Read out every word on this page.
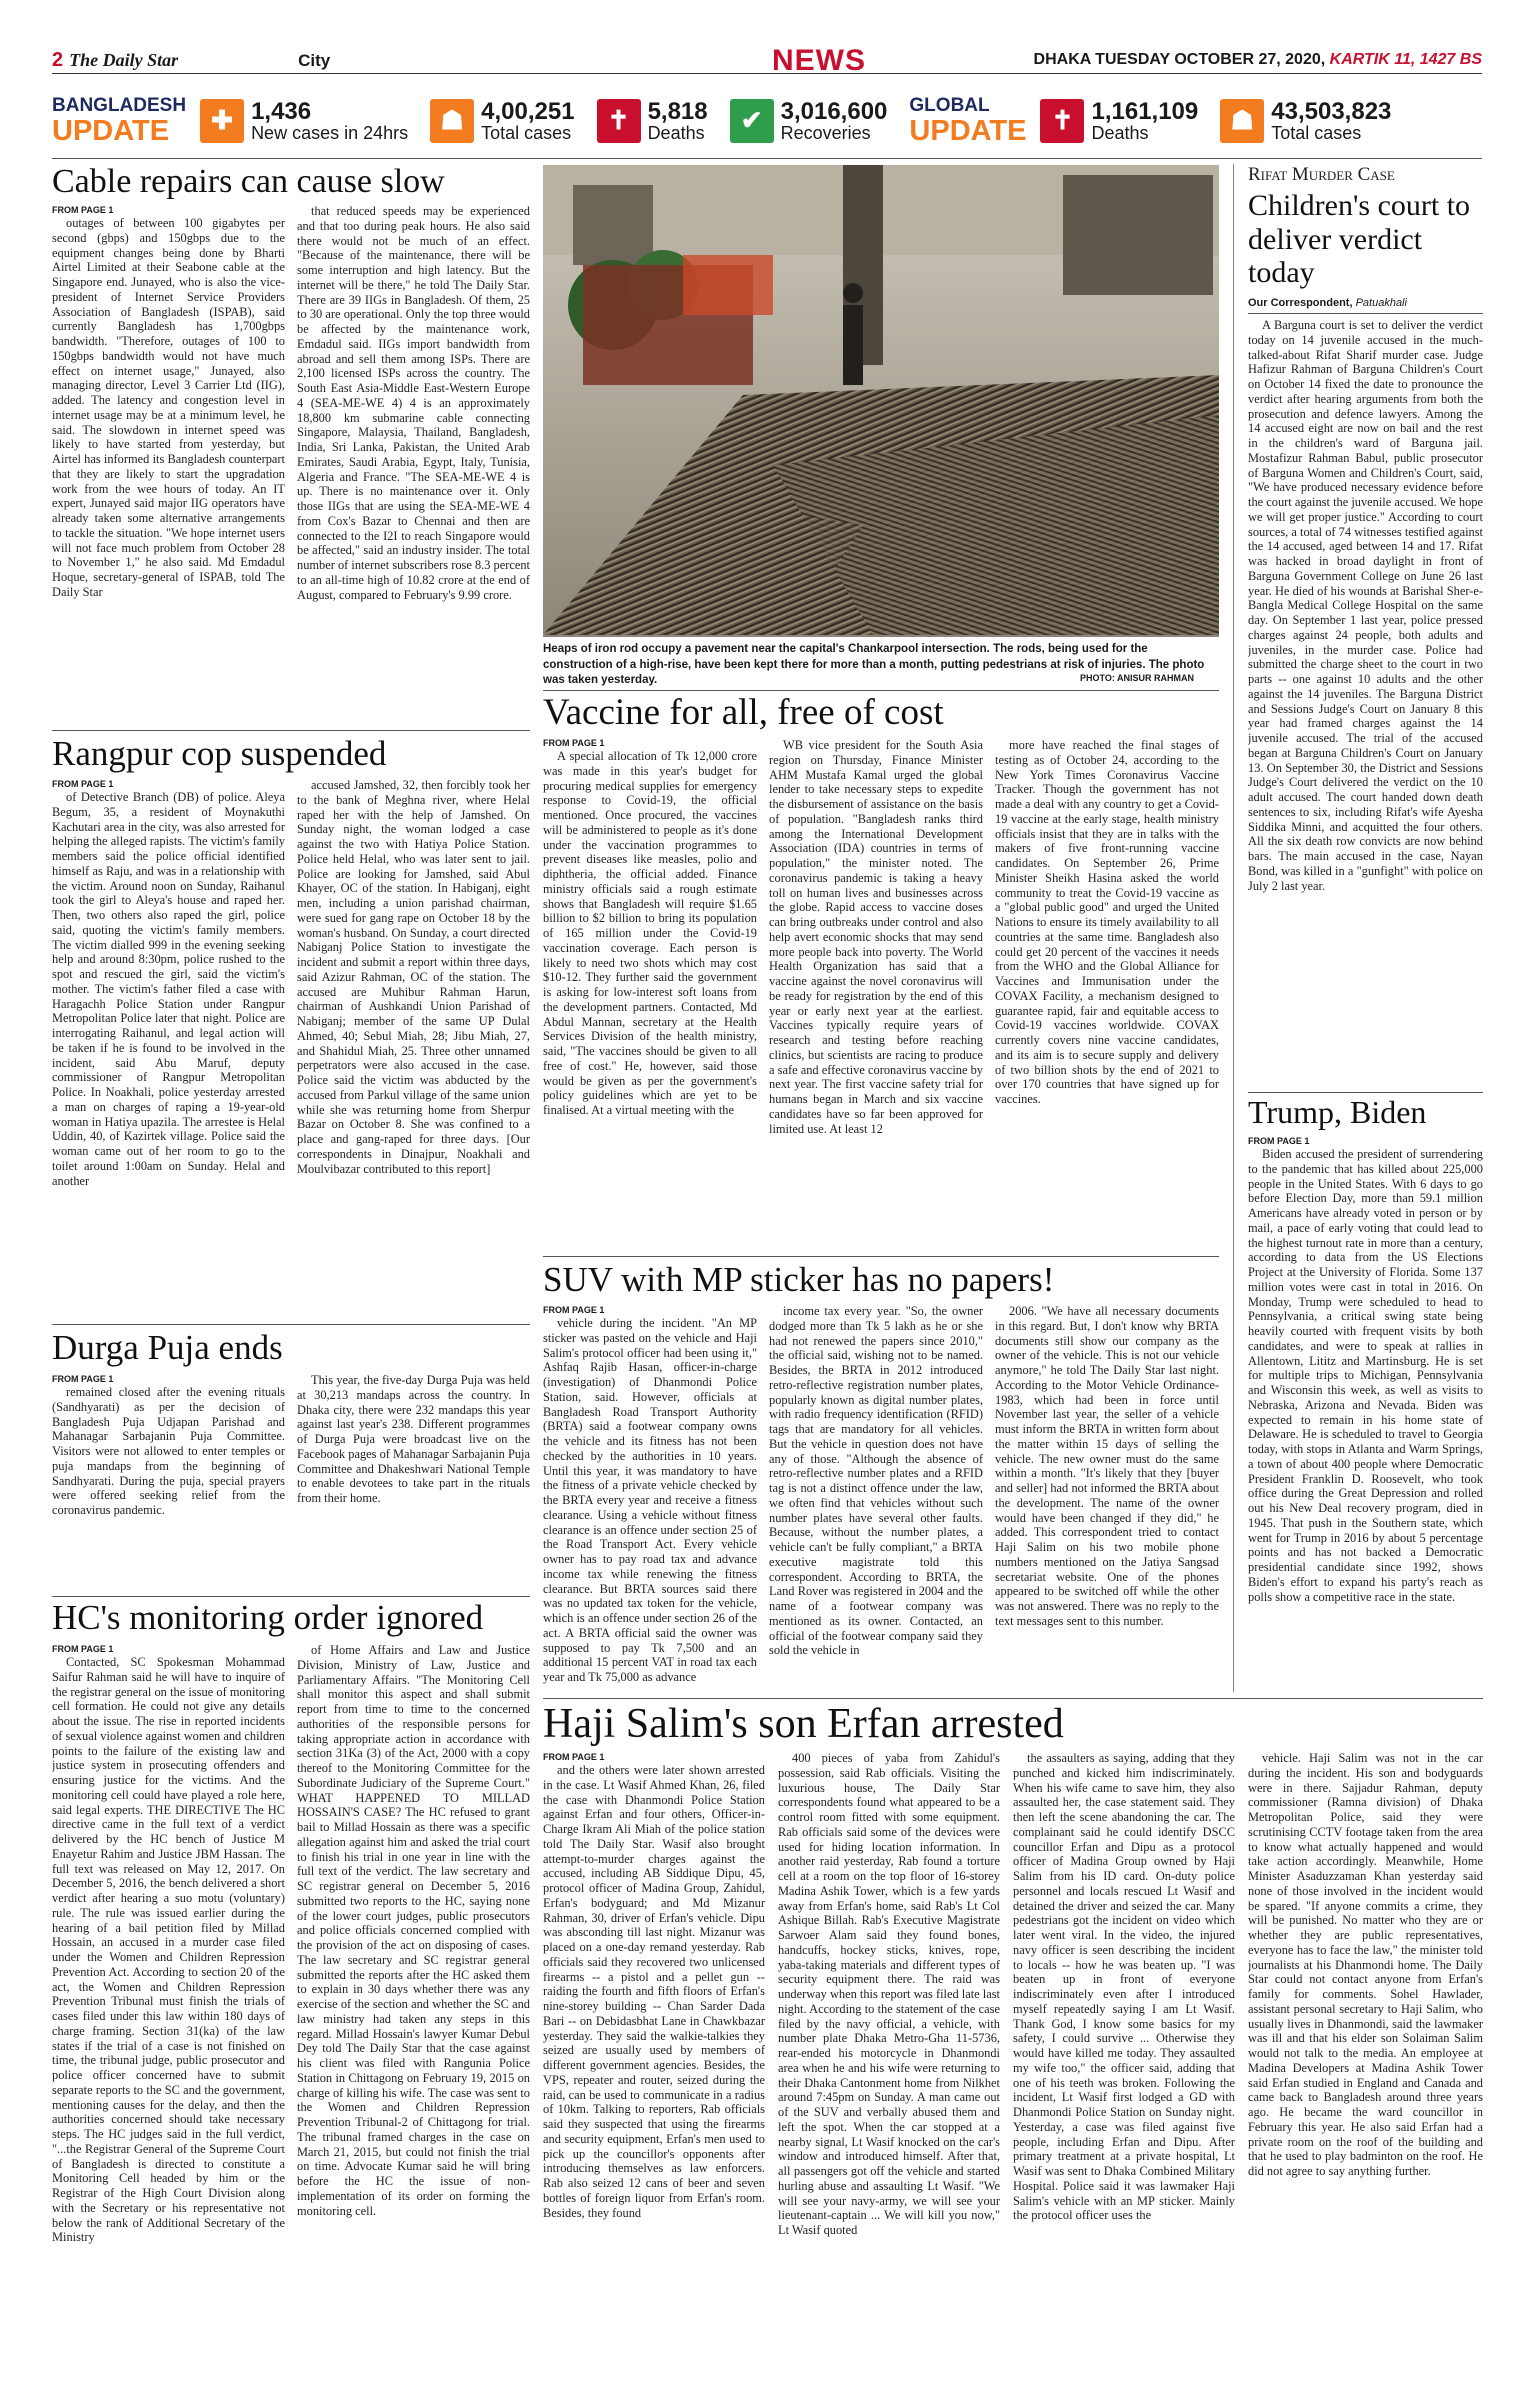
2 The Daily Star	City	NEWS	DHAKA TUESDAY OCTOBER 27, 2020, KARTIK 11, 1427 BS
BANGLADESH
UPDATE	✚ 1,436
New cases in 24hrs	☗ 4,00,251
Total cases	✝ 5,818
Deaths	✔ 3,016,600
Recoveries
GLOBAL
UPDATE ✝ 1,161,109
Deaths	☗ 43,503,823
Total cases
Cable repairs can cause slow
FROM PAGE 1

outages of between 100 gigabytes per second (gbps) and 150gbps due to the equipment changes being done by Bharti Airtel Limited at their Seabone cable at the Singapore end. Junayed, who is also the vice-president of Internet Service Providers Association of Bangladesh (ISPAB), said currently Bangladesh has 1,700gbps bandwidth. "Therefore, outages of 100 to 150gbps bandwidth would not have much effect on internet usage," Junayed, also managing director, Level 3 Carrier Ltd (IIG), added. The latency and congestion level in internet usage may be at a minimum level, he said. The slowdown in internet speed was likely to have started from yesterday, but Airtel has informed its Bangladesh counterpart that they are likely to start the upgradation work from the wee hours of today. An IT expert, Junayed said major IIG operators have already taken some alternative arrangements to tackle the situation. "We hope internet users will not face much problem from October 28 to November 1," he also said. Md Emdadul Hoque, secretary-general of ISPAB, told The Daily Star

that reduced speeds may be experienced and that too during peak hours. He also said there would not be much of an effect. "Because of the maintenance, there will be some interruption and high latency. But the internet will be there," he told The Daily Star. There are 39 IIGs in Bangladesh. Of them, 25 to 30 are operational. Only the top three would be affected by the maintenance work, Emdadul said. IIGs import bandwidth from abroad and sell them among ISPs. There are 2,100 licensed ISPs across the country. The South East Asia-Middle East-Western Europe 4 (SEA-ME-WE 4) 4 is an approximately 18,800 km submarine cable connecting Singapore, Malaysia, Thailand, Bangladesh, India, Sri Lanka, Pakistan, the United Arab Emirates, Saudi Arabia, Egypt, Italy, Tunisia, Algeria and France. "The SEA-ME-WE 4 is up. There is no maintenance over it. Only those IIGs that are using the SEA-ME-WE 4 from Cox's Bazar to Chennai and then are connected to the I2I to reach Singapore would be affected," said an industry insider. The total number of internet subscribers rose 8.3 percent to an all-time high of 10.82 crore at the end of August, compared to February's 9.99 crore.

Heaps of iron rod occupy a pavement near the capital's Chankarpool intersection. The rods, being used for the construction of a high-rise, have been kept there for more than a month, putting pedestrians at risk of injuries. The photo was taken yesterday.	PHOTO: ANISUR RAHMAN
Vaccine for all, free of cost
FROM PAGE 1

A special allocation of Tk 12,000 crore was made in this year's budget for procuring medical supplies for emergency response to Covid-19, the official mentioned. Once procured, the vaccines will be administered to people as it's done under the vaccination programmes to prevent diseases like measles, polio and diphtheria, the official added. Finance ministry officials said a rough estimate shows that Bangladesh will require $1.65 billion to $2 billion to bring its population of 165 million under the Covid-19 vaccination coverage. Each person is likely to need two shots which may cost $10-12. They further said the government is asking for low-interest soft loans from the development partners. Contacted, Md Abdul Mannan, secretary at the Health Services Division of the health ministry, said, "The vaccines should be given to all free of cost." He, however, said those would be given as per the government's policy guidelines which are yet to be finalised. At a virtual meeting with the

WB vice president for the South Asia region on Thursday, Finance Minister AHM Mustafa Kamal urged the global lender to take necessary steps to expedite the disbursement of assistance on the basis of population. "Bangladesh ranks third among the International Development Association (IDA) countries in terms of population," the minister noted. The coronavirus pandemic is taking a heavy toll on human lives and businesses across the globe. Rapid access to vaccine doses can bring outbreaks under control and also help avert economic shocks that may send more people back into poverty. The World Health Organization has said that a vaccine against the novel coronavirus will be ready for registration by the end of this year or early next year at the earliest. Vaccines typically require years of research and testing before reaching clinics, but scientists are racing to produce a safe and effective coronavirus vaccine by next year. The first vaccine safety trial for humans began in March and six vaccine candidates have so far been approved for limited use. At least 12

more have reached the final stages of testing as of October 24, according to the New York Times Coronavirus Vaccine Tracker. Though the government has not made a deal with any country to get a Covid-19 vaccine at the early stage, health ministry officials insist that they are in talks with the makers of five front-running vaccine candidates. On September 26, Prime Minister Sheikh Hasina asked the world community to treat the Covid-19 vaccine as a "global public good" and urged the United Nations to ensure its timely availability to all countries at the same time. Bangladesh also could get 20 percent of the vaccines it needs from the WHO and the Global Alliance for Vaccines and Immunisation under the COVAX Facility, a mechanism designed to guarantee rapid, fair and equitable access to Covid-19 vaccines worldwide. COVAX currently covers nine vaccine candidates, and its aim is to secure supply and delivery of two billion shots by the end of 2021 to over 170 countries that have signed up for vaccines.

Rangpur cop suspended
FROM PAGE 1

of Detective Branch (DB) of police. Aleya Begum, 35, a resident of Moynakuthi Kachutari area in the city, was also arrested for helping the alleged rapists. The victim's family members said the police official identified himself as Raju, and was in a relationship with the victim. Around noon on Sunday, Raihanul took the girl to Aleya's house and raped her. Then, two others also raped the girl, police said, quoting the victim's family members. The victim dialled 999 in the evening seeking help and around 8:30pm, police rushed to the spot and rescued the girl, said the victim's mother. The victim's father filed a case with Haragachh Police Station under Rangpur Metropolitan Police later that night. Police are interrogating Raihanul, and legal action will be taken if he is found to be involved in the incident, said Abu Maruf, deputy commissioner of Rangpur Metropolitan Police. In Noakhali, police yesterday arrested a man on charges of raping a 19-year-old woman in Hatiya upazila. The arrestee is Helal Uddin, 40, of Kazirtek village. Police said the woman came out of her room to go to the toilet around 1:00am on Sunday. Helal and another

accused Jamshed, 32, then forcibly took her to the bank of Meghna river, where Helal raped her with the help of Jamshed. On Sunday night, the woman lodged a case against the two with Hatiya Police Station. Police held Helal, who was later sent to jail. Police are looking for Jamshed, said Abul Khayer, OC of the station. In Habiganj, eight men, including a union parishad chairman, were sued for gang rape on October 18 by the woman's husband. On Sunday, a court directed Nabiganj Police Station to investigate the incident and submit a report within three days, said Azizur Rahman, OC of the station. The accused are Muhibur Rahman Harun, chairman of Aushkandi Union Parishad of Nabiganj; member of the same UP Dulal Ahmed, 40; Sebul Miah, 28; Jibu Miah, 27, and Shahidul Miah, 25. Three other unnamed perpetrators were also accused in the case. Police said the victim was abducted by the accused from Parkul village of the same union while she was returning home from Sherpur Bazar on October 8. She was confined to a place and gang-raped for three days. [Our correspondents in Dinajpur, Noakhali and Moulvibazar contributed to this report]

Durga Puja ends
FROM PAGE 1

remained closed after the evening rituals (Sandhyarati) as per the decision of Bangladesh Puja Udjapan Parishad and Mahanagar Sarbajanin Puja Committee. Visitors were not allowed to enter temples or puja mandaps from the beginning of Sandhyarati. During the puja, special prayers were offered seeking relief from the coronavirus pandemic.

This year, the five-day Durga Puja was held at 30,213 mandaps across the country. In Dhaka city, there were 232 mandaps this year against last year's 238. Different programmes of Durga Puja were broadcast live on the Facebook pages of Mahanagar Sarbajanin Puja Committee and Dhakeshwari National Temple to enable devotees to take part in the rituals from their home.

HC's monitoring order ignored
FROM PAGE 1

Contacted, SC Spokesman Mohammad Saifur Rahman said he will have to inquire of the registrar general on the issue of monitoring cell formation. He could not give any details about the issue. The rise in reported incidents of sexual violence against women and children points to the failure of the existing law and justice system in prosecuting offenders and ensuring justice for the victims. And the monitoring cell could have played a role here, said legal experts. THE DIRECTIVE The HC directive came in the full text of a verdict delivered by the HC bench of Justice M Enayetur Rahim and Justice JBM Hassan. The full text was released on May 12, 2017. On December 5, 2016, the bench delivered a short verdict after hearing a suo motu (voluntary) rule. The rule was issued earlier during the hearing of a bail petition filed by Millad Hossain, an accused in a murder case filed under the Women and Children Repression Prevention Act. According to section 20 of the act, the Women and Children Repression Prevention Tribunal must finish the trials of cases filed under this law within 180 days of charge framing. Section 31(ka) of the law states if the trial of a case is not finished on time, the tribunal judge, public prosecutor and police officer concerned have to submit separate reports to the SC and the government, mentioning causes for the delay, and then the authorities concerned should take necessary steps. The HC judges said in the full verdict, "...the Registrar General of the Supreme Court of Bangladesh is directed to constitute a Monitoring Cell headed by him or the Registrar of the High Court Division along with the Secretary or his representative not below the rank of Additional Secretary of the Ministry

of Home Affairs and Law and Justice Division, Ministry of Law, Justice and Parliamentary Affairs. "The Monitoring Cell shall monitor this aspect and shall submit report from time to time to the concerned authorities of the responsible persons for taking appropriate action in accordance with section 31Ka (3) of the Act, 2000 with a copy thereof to the Monitoring Committee for the Subordinate Judiciary of the Supreme Court." WHAT HAPPENED TO MILLAD HOSSAIN'S CASE? The HC refused to grant bail to Millad Hossain as there was a specific allegation against him and asked the trial court to finish his trial in one year in line with the full text of the verdict. The law secretary and SC registrar general on December 5, 2016 submitted two reports to the HC, saying none of the lower court judges, public prosecutors and police officials concerned complied with the provision of the act on disposing of cases. The law secretary and SC registrar general submitted the reports after the HC asked them to explain in 30 days whether there was any exercise of the section and whether the SC and law ministry had taken any steps in this regard. Millad Hossain's lawyer Kumar Debul Dey told The Daily Star that the case against his client was filed with Rangunia Police Station in Chittagong on February 19, 2015 on charge of killing his wife. The case was sent to the Women and Children Repression Prevention Tribunal-2 of Chittagong for trial. The tribunal framed charges in the case on March 21, 2015, but could not finish the trial on time. Advocate Kumar said he will bring before the HC the issue of non-implementation of its order on forming the monitoring cell.

SUV with MP sticker has no papers!
FROM PAGE 1

vehicle during the incident. "An MP sticker was pasted on the vehicle and Haji Salim's protocol officer had been using it," Ashfaq Rajib Hasan, officer-in-charge (investigation) of Dhanmondi Police Station, said. However, officials at Bangladesh Road Transport Authority (BRTA) said a footwear company owns the vehicle and its fitness has not been checked by the authorities in 10 years. Until this year, it was mandatory to have the fitness of a private vehicle checked by the BRTA every year and receive a fitness clearance. Using a vehicle without fitness clearance is an offence under section 25 of the Road Transport Act. Every vehicle owner has to pay road tax and advance income tax while renewing the fitness clearance. But BRTA sources said there was no updated tax token for the vehicle, which is an offence under section 26 of the act. A BRTA official said the owner was supposed to pay Tk 7,500 and an additional 15 percent VAT in road tax each year and Tk 75,000 as advance

income tax every year. "So, the owner dodged more than Tk 5 lakh as he or she had not renewed the papers since 2010," the official said, wishing not to be named. Besides, the BRTA in 2012 introduced retro-reflective registration number plates, popularly known as digital number plates, with radio frequency identification (RFID) tags that are mandatory for all vehicles. But the vehicle in question does not have any of those. "Although the absence of retro-reflective number plates and a RFID tag is not a distinct offence under the law, we often find that vehicles without such number plates have several other faults. Because, without the number plates, a vehicle can't be fully compliant," a BRTA executive magistrate told this correspondent. According to BRTA, the Land Rover was registered in 2004 and the name of a footwear company was mentioned as its owner. Contacted, an official of the footwear company said they sold the vehicle in

2006. "We have all necessary documents in this regard. But, I don't know why BRTA documents still show our company as the owner of the vehicle. This is not our vehicle anymore," he told The Daily Star last night. According to the Motor Vehicle Ordinance-1983, which had been in force until November last year, the seller of a vehicle must inform the BRTA in written form about the matter within 15 days of selling the vehicle. The new owner must do the same within a month. "It's likely that they [buyer and seller] had not informed the BRTA about the development. The name of the owner would have been changed if they did," he added. This correspondent tried to contact Haji Salim on his two mobile phone numbers mentioned on the Jatiya Sangsad secretariat website. One of the phones appeared to be switched off while the other was not answered. There was no reply to the text messages sent to this number.

Haji Salim's son Erfan arrested
FROM PAGE 1

and the others were later shown arrested in the case. Lt Wasif Ahmed Khan, 26, filed the case with Dhanmondi Police Station against Erfan and four others, Officer-in-Charge Ikram Ali Miah of the police station told The Daily Star. Wasif also brought attempt-to-murder charges against the accused, including AB Siddique Dipu, 45, protocol officer of Madina Group, Zahidul, Erfan's bodyguard; and Md Mizanur Rahman, 30, driver of Erfan's vehicle. Dipu was absconding till last night. Mizanur was placed on a one-day remand yesterday. Rab officials said they recovered two unlicensed firearms -- a pistol and a pellet gun -- raiding the fourth and fifth floors of Erfan's nine-storey building -- Chan Sarder Dada Bari -- on Debidasbhat Lane in Chawkbazar yesterday. They said the walkie-talkies they seized are usually used by members of different government agencies. Besides, the VPS, repeater and router, seized during the raid, can be used to communicate in a radius of 10km. Talking to reporters, Rab officials said they suspected that using the firearms and security equipment, Erfan's men used to pick up the councillor's opponents after introducing themselves as law enforcers. Rab also seized 12 cans of beer and seven bottles of foreign liquor from Erfan's room. Besides, they found

400 pieces of yaba from Zahidul's possession, said Rab officials. Visiting the luxurious house, The Daily Star correspondents found what appeared to be a control room fitted with some equipment. Rab officials said some of the devices were used for hiding location information. In another raid yesterday, Rab found a torture cell at a room on the top floor of 16-storey Madina Ashik Tower, which is a few yards away from Erfan's home, said Rab's Lt Col Ashique Billah. Rab's Executive Magistrate Sarwoer Alam said they found bones, handcuffs, hockey sticks, knives, rope, yaba-taking materials and different types of security equipment there. The raid was underway when this report was filed late last night. According to the statement of the case filed by the navy official, a vehicle, with number plate Dhaka Metro-Gha 11-5736, rear-ended his motorcycle in Dhanmondi area when he and his wife were returning to their Dhaka Cantonment home from Nilkhet around 7:45pm on Sunday. A man came out of the SUV and verbally abused them and left the spot. When the car stopped at a nearby signal, Lt Wasif knocked on the car's window and introduced himself. After that, all passengers got off the vehicle and started hurling abuse and assaulting Lt Wasif. "We will see your navy-army, we will see your lieutenant-captain ... We will kill you now," Lt Wasif quoted

the assaulters as saying, adding that they punched and kicked him indiscriminately. When his wife came to save him, they also assaulted her, the case statement said. They then left the scene abandoning the car. The complainant said he could identify DSCC councillor Erfan and Dipu as a protocol officer of Madina Group owned by Haji Salim from his ID card. On-duty police personnel and locals rescued Lt Wasif and detained the driver and seized the car. Many pedestrians got the incident on video which later went viral. In the video, the injured navy officer is seen describing the incident to locals -- how he was beaten up. "I was beaten up in front of everyone indiscriminately even after I introduced myself repeatedly saying I am Lt Wasif. Thank God, I know some basics for my safety, I could survive ... Otherwise they would have killed me today. They assaulted my wife too," the officer said, adding that one of his teeth was broken. Following the incident, Lt Wasif first lodged a GD with Dhanmondi Police Station on Sunday night. Yesterday, a case was filed against five people, including Erfan and Dipu. After primary treatment at a private hospital, Lt Wasif was sent to Dhaka Combined Military Hospital. Police said it was lawmaker Haji Salim's vehicle with an MP sticker. Mainly the protocol officer uses the

vehicle. Haji Salim was not in the car during the incident. His son and bodyguards were in there. Sajjadur Rahman, deputy commissioner (Ramna division) of Dhaka Metropolitan Police, said they were scrutinising CCTV footage taken from the area to know what actually happened and would take action accordingly. Meanwhile, Home Minister Asaduzzaman Khan yesterday said none of those involved in the incident would be spared. "If anyone commits a crime, they will be punished. No matter who they are or whether they are public representatives, everyone has to face the law," the minister told journalists at his Dhanmondi home. The Daily Star could not contact anyone from Erfan's family for comments. Sohel Hawlader, assistant personal secretary to Haji Salim, who usually lives in Dhanmondi, said the lawmaker was ill and that his elder son Solaiman Salim would not talk to the media. An employee at Madina Developers at Madina Ashik Tower said Erfan studied in England and Canada and came back to Bangladesh around three years ago. He became the ward councillor in February this year. He also said Erfan had a private room on the roof of the building and that he used to play badminton on the roof. He did not agree to say anything further.

Rifat Murder Case
Children's court to deliver verdict today
Our Correspondent, Patuakhali

A Barguna court is set to deliver the verdict today on 14 juvenile accused in the much-talked-about Rifat Sharif murder case. Judge Hafizur Rahman of Barguna Children's Court on October 14 fixed the date to pronounce the verdict after hearing arguments from both the prosecution and defence lawyers. Among the 14 accused eight are now on bail and the rest in the children's ward of Barguna jail. Mostafizur Rahman Babul, public prosecutor of Barguna Women and Children's Court, said, "We have produced necessary evidence before the court against the juvenile accused. We hope we will get proper justice." According to court sources, a total of 74 witnesses testified against the 14 accused, aged between 14 and 17. Rifat was hacked in broad daylight in front of Barguna Government College on June 26 last year. He died of his wounds at Barishal Sher-e-Bangla Medical College Hospital on the same day. On September 1 last year, police pressed charges against 24 people, both adults and juveniles, in the murder case. Police had submitted the charge sheet to the court in two parts -- one against 10 adults and the other against the 14 juveniles. The Barguna District and Sessions Judge's Court on January 8 this year had framed charges against the 14 juvenile accused. The trial of the accused began at Barguna Children's Court on January 13. On September 30, the District and Sessions Judge's Court delivered the verdict on the 10 adult accused. The court handed down death sentences to six, including Rifat's wife Ayesha Siddika Minni, and acquitted the four others. All the six death row convicts are now behind bars. The main accused in the case, Nayan Bond, was killed in a "gunfight" with police on July 2 last year.

Trump, Biden
FROM PAGE 1

Biden accused the president of surrendering to the pandemic that has killed about 225,000 people in the United States. With 6 days to go before Election Day, more than 59.1 million Americans have already voted in person or by mail, a pace of early voting that could lead to the highest turnout rate in more than a century, according to data from the US Elections Project at the University of Florida. Some 137 million votes were cast in total in 2016. On Monday, Trump were scheduled to head to Pennsylvania, a critical swing state being heavily courted with frequent visits by both candidates, and were to speak at rallies in Allentown, Lititz and Martinsburg. He is set for multiple trips to Michigan, Pennsylvania and Wisconsin this week, as well as visits to Nebraska, Arizona and Nevada. Biden was expected to remain in his home state of Delaware. He is scheduled to travel to Georgia today, with stops in Atlanta and Warm Springs, a town of about 400 people where Democratic President Franklin D. Roosevelt, who took office during the Great Depression and rolled out his New Deal recovery program, died in 1945. That push in the Southern state, which went for Trump in 2016 by about 5 percentage points and has not backed a Democratic presidential candidate since 1992, shows Biden's effort to expand his party's reach as polls show a competitive race in the state.
